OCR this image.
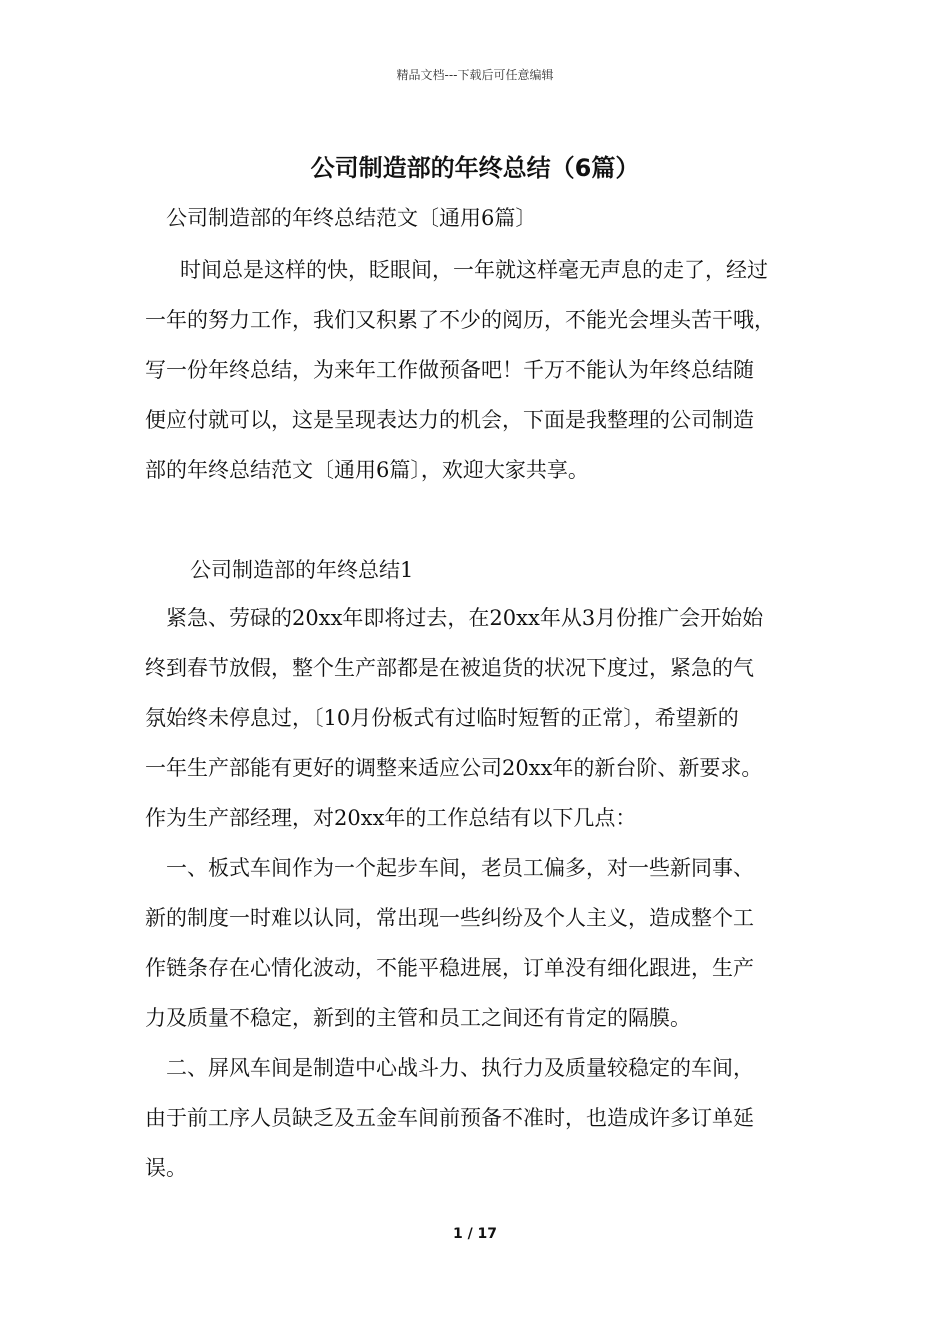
精品文档---下载后可任意编辑
公司制造部的年终总结（6篇）
公司制造部的年终总结范文〔通用6篇〕
时间总是这样的快，眨眼间，一年就这样毫无声息的走了，经过
一年的努力工作，我们又积累了不少的阅历，不能光会埋头苦干哦，
写一份年终总结，为来年工作做预备吧！千万不能认为年终总结随
便应付就可以，这是呈现表达力的机会，下面是我整理的公司制造
部的年终总结范文〔通用6篇〕，欢迎大家共享。
公司制造部的年终总结1
紧急、劳碌的20xx年即将过去，在20xx年从3月份推广会开始始
终到春节放假，整个生产部都是在被追货的状况下度过，紧急的气
氛始终未停息过，〔10月份板式有过临时短暂的正常〕，希望新的
一年生产部能有更好的调整来适应公司20xx年的新台阶、新要求。
作为生产部经理，对20xx年的工作总结有以下几点：
一、板式车间作为一个起步车间，老员工偏多，对一些新同事、
新的制度一时难以认同，常出现一些纠纷及个人主义，造成整个工
作链条存在心情化波动，不能平稳进展，订单没有细化跟进，生产
力及质量不稳定，新到的主管和员工之间还有肯定的隔膜。
二、屏风车间是制造中心战斗力、执行力及质量较稳定的车间，
由于前工序人员缺乏及五金车间前预备不准时，也造成许多订单延
误。
1 / 17
